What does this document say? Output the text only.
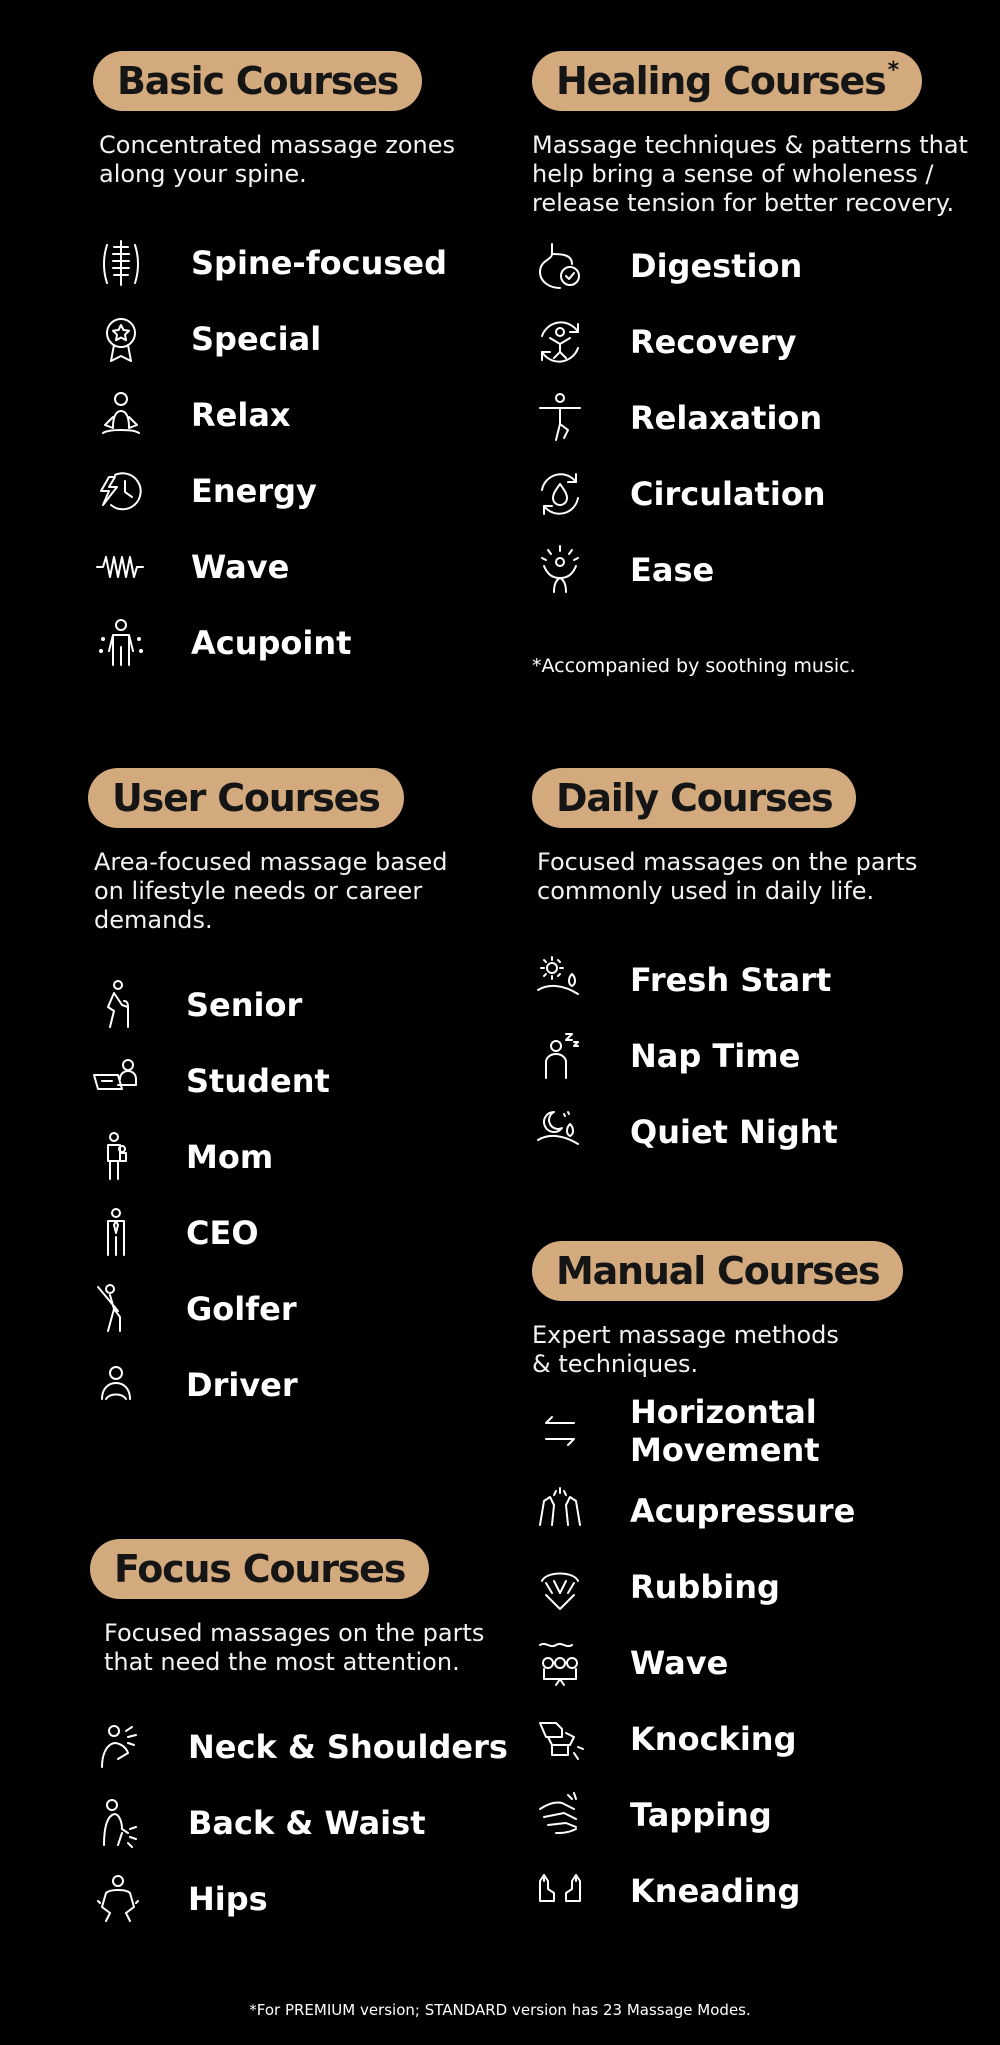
Basic Courses
Concentrated massage zones
along your spine.
Spine-focused
Special
Relax
Energy
Wave
Acupoint
Healing Courses*
Massage techniques & patterns that
help bring a sense of wholeness /
release tension for better recovery.
Digestion
Recovery
Relaxation
Circulation
Ease
*Accompanied by soothing music.
User Courses
Area-focused massage based
on lifestyle needs or career
demands.
Senior
Student
Mom
CEO
Golfer
Driver
Daily Courses
Focused massages on the parts
commonly used in daily life.
Fresh Start
Nap Time
Quiet Night
Manual Courses
Expert massage methods
& techniques.
Horizontal
Movement
Acupressure
Rubbing
Wave
Knocking
Tapping
Kneading
Focus Courses
Focused massages on the parts
that need the most attention.
Neck & Shoulders
Back & Waist
Hips
*For PREMIUM version; STANDARD version has 23 Massage Modes.
